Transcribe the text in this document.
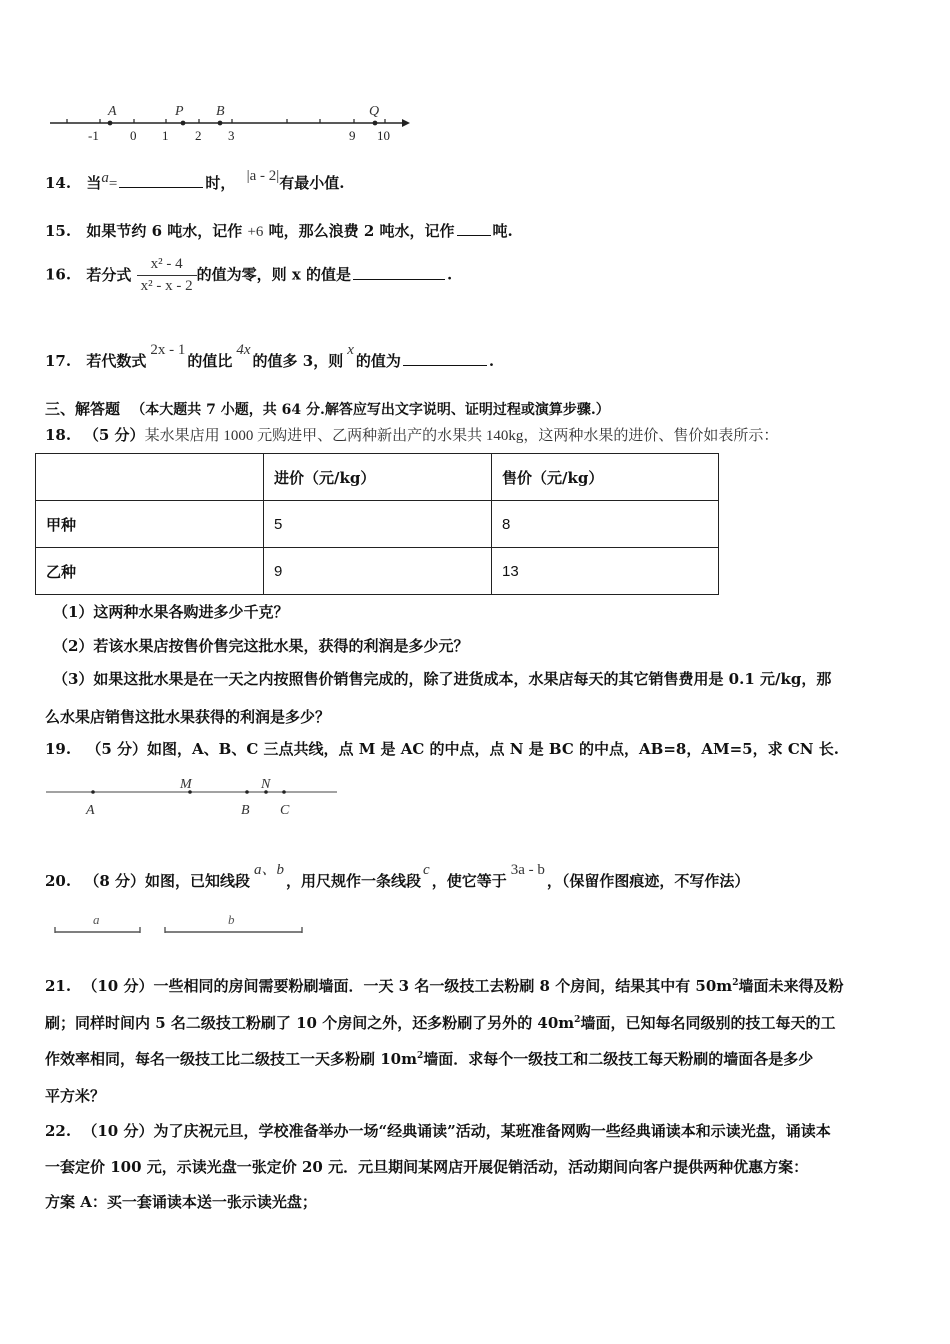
A	P B	Q
-1 0 1 2 3	9 10
14. 当a=	时， |a - 2|有最小值.
15. 如果节约 6 吨水，记作 +6 吨，那么浪费 2 吨水，记作	吨.
16. 若分式 $\frac{\text{x² - 4}}{\text{x² - x - 2}}$ 的值为零，则 x 的值是	.
17. 若代数式2x - 1的值比4x的值多 3，则x的值为	.
三、解答题 （本大题共 7 小题，共 64 分.解答应写出文字说明、证明过程或演算步骤.）
18. （5 分）某水果店用 1000 元购进甲、乙两种新出产的水果共 140kg，这两种水果的进价、售价如表所示：
	进价（元/kg）	售价（元/kg）
甲种	5	8
乙种	9	13
（1）这两种水果各购进多少千克？
（2）若该水果店按售价售完这批水果，获得的利润是多少元？
（3）如果这批水果是在一天之内按照售价销售完成的，除了进货成本，水果店每天的其它销售费用是 0.1 元/kg，那
么水果店销售这批水果获得的利润是多少？
19. （5 分）如图，A、B、C 三点共线，点 M 是 AC 的中点，点 N 是 BC 的中点，AB=8，AM=5，求 CN 长.
A
M
B
N
C
20. （8 分）如图，已知线段a、b，用尺规作一条线段c，使它等于3a - b，（保留作图痕迹，不写作法）
a	b
21. （10 分）一些相同的房间需要粉刷墙面．一天 3 名一级技工去粉刷 8 个房间，结果其中有 $50m^2$墙面未来得及粉
刷；同样时间内 5 名二级技工粉刷了 10 个房间之外，还多粉刷了另外的 $40m^2$墙面，已知每名同级别的技工每天的工
作效率相同，每名一级技工比二级技工一天多粉刷 $10m^2$墙面．求每个一级技工和二级技工每天粉刷的墙面各是多少
平方米？
22. （10 分）为了庆祝元旦，学校准备举办一场“经典诵读”活动，某班准备网购一些经典诵读本和示读光盘，诵读本
一套定价 100 元，示读光盘一张定价 20 元．元旦期间某网店开展促销活动，活动期间向客户提供两种优惠方案：
方案 A：买一套诵读本送一张示读光盘；
